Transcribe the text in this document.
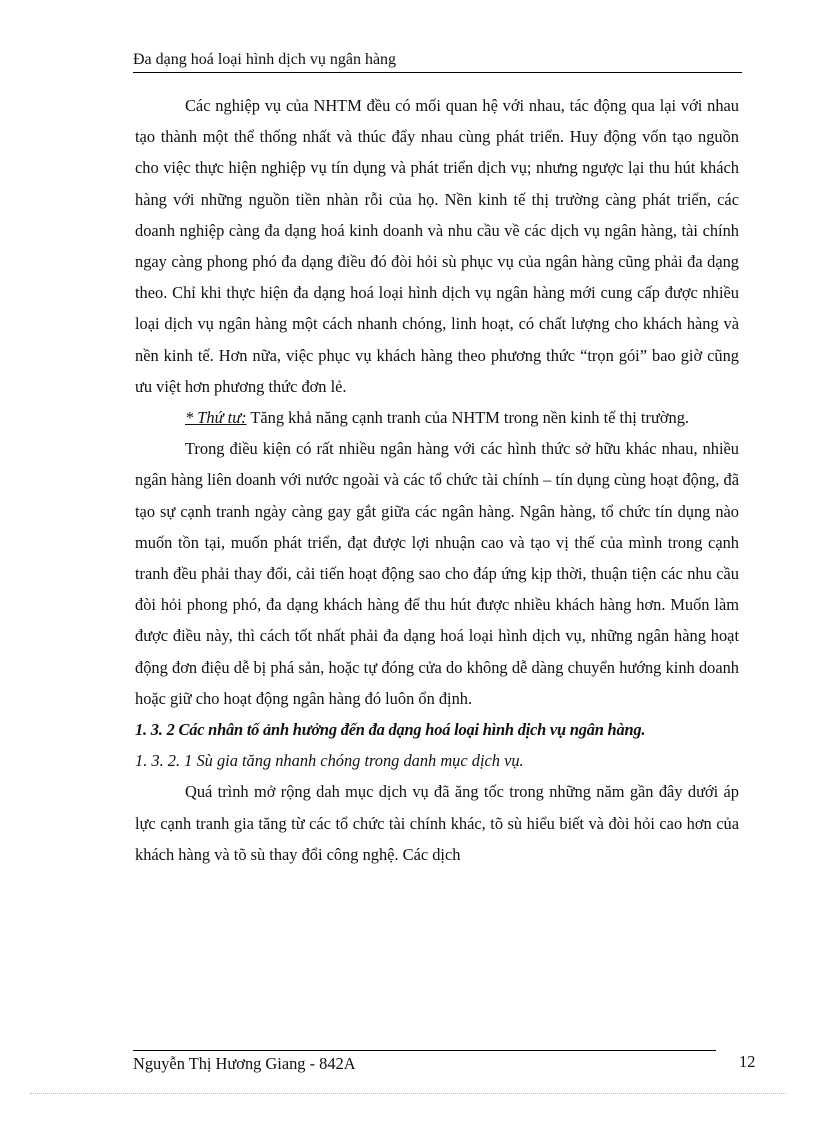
Đa dạng hoá loại hình dịch vụ ngân hàng

Các nghiệp vụ của NHTM đều có mối quan hệ với nhau, tác động qua lại với nhau tạo thành một thể thống nhất và thúc đẩy nhau cùng phát triển. Huy động vốn tạo nguồn cho việc thực hiện nghiệp vụ tín dụng và phát triển dịch vụ; nhưng ngược lại thu hút khách hàng với những nguồn tiền nhàn rỗi của họ. Nền kinh tế thị trường càng phát triển, các doanh nghiệp càng đa dạng hoá kinh doanh và nhu cầu về các dịch vụ ngân hàng, tài chính ngay càng phong phó đa dạng điều đó đòi hỏi sù phục vụ của ngân hàng cũng phải đa dạng theo. Chỉ khi thực hiện đa dạng hoá loại hình dịch vụ ngân hàng mới cung cấp được nhiều loại dịch vụ ngân hàng một cách nhanh chóng, linh hoạt, có chất lượng cho khách hàng và nền kinh tế. Hơn nữa, việc phục vụ khách hàng theo phương thức “trọn gói” bao giờ cũng ưu việt hơn phương thức đơn lẻ.

* Thứ tư: Tăng khả năng cạnh tranh của NHTM trong nền kinh tế thị trường.

Trong điều kiện có rất nhiều ngân hàng với các hình thức sở hữu khác nhau, nhiều ngân hàng liên doanh với nước ngoài và các tổ chức tài chính – tín dụng cùng hoạt động, đã tạo sự cạnh tranh ngày càng gay gắt giữa các ngân hàng. Ngân hàng, tổ chức tín dụng nào muốn tồn tại, muốn phát triển, đạt được lợi nhuận cao và tạo vị thế của mình trong cạnh tranh đều phải thay đổi, cải tiến hoạt động sao cho đáp ứng kịp thời, thuận tiện các nhu cầu đòi hỏi phong phó, đa dạng khách hàng để thu hút được nhiều khách hàng hơn. Muốn làm được điều này, thì cách tốt nhất phải đa dạng hoá loại hình dịch vụ, những ngân hàng hoạt động đơn điệu dễ bị phá sản, hoặc tự đóng cửa do không dễ dàng chuyển hướng kinh doanh hoặc giữ cho hoạt động ngân hàng đó luôn ổn định.

1. 3. 2 Các nhân tố ảnh hưởng đến đa dạng hoá loại hình dịch vụ ngân hàng.

1. 3. 2. 1 Sù gia tăng nhanh chóng trong danh mục dịch vụ.

Quá trình mở rộng dah mục dịch vụ đã ăng tốc trong những năm gần đây dưới áp lực cạnh tranh gia tăng từ các tổ chức tài chính khác, tõ sù hiểu biết và đòi hỏi cao hơn của khách hàng và tõ sù thay đổi công nghệ. Các dịch

Nguyễn Thị Hương Giang - 842A	12
